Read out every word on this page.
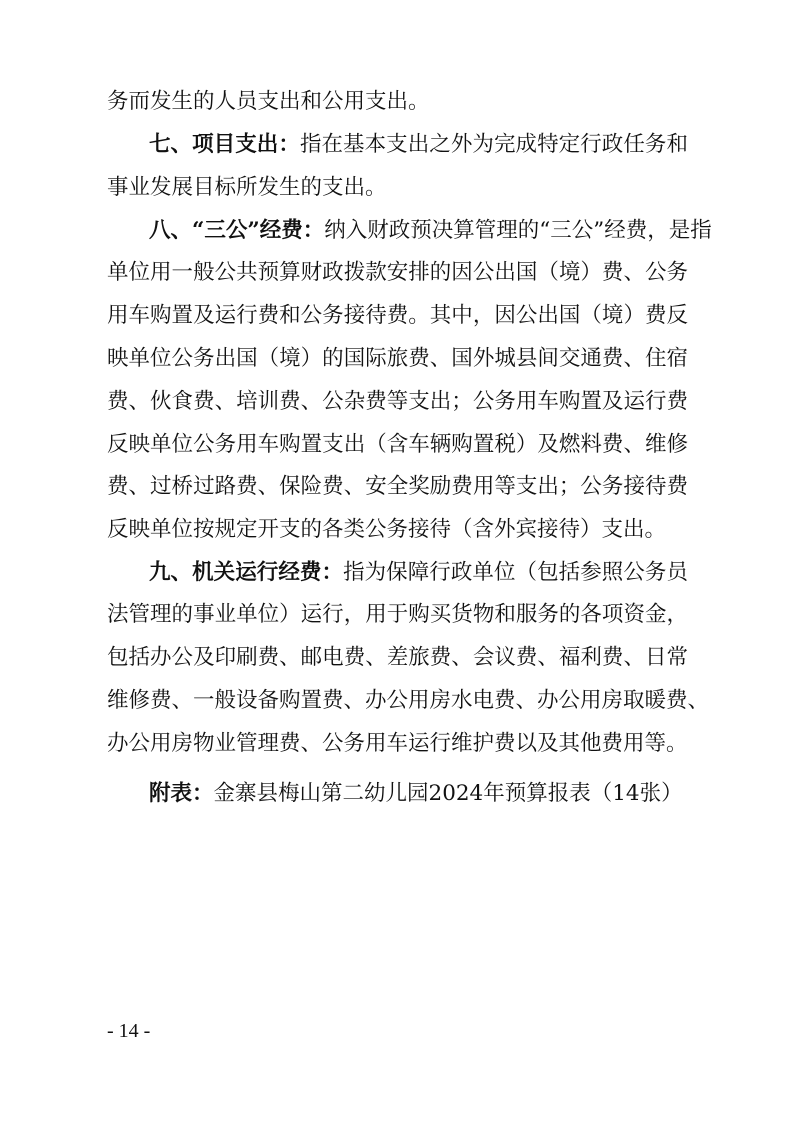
务而发生的人员支出和公用支出。
七、项目支出：指在基本支出之外为完成特定行政任务和
事业发展目标所发生的支出。
八、“三公”经费：纳入财政预决算管理的“三公”经费，是指
单位用一般公共预算财政拨款安排的因公出国（境）费、公务
用车购置及运行费和公务接待费。其中，因公出国（境）费反
映单位公务出国（境）的国际旅费、国外城县间交通费、住宿
费、伙食费、培训费、公杂费等支出；公务用车购置及运行费
反映单位公务用车购置支出（含车辆购置税）及燃料费、维修
费、过桥过路费、保险费、安全奖励费用等支出；公务接待费
反映单位按规定开支的各类公务接待（含外宾接待）支出。
九、机关运行经费：指为保障行政单位（包括参照公务员
法管理的事业单位）运行，用于购买货物和服务的各项资金，
包括办公及印刷费、邮电费、差旅费、会议费、福利费、日常
维修费、一般设备购置费、办公用房水电费、办公用房取暖费、
办公用房物业管理费、公务用车运行维护费以及其他费用等。
附表：金寨县梅山第二幼儿园2024年预算报表（14张）
- 14 -
